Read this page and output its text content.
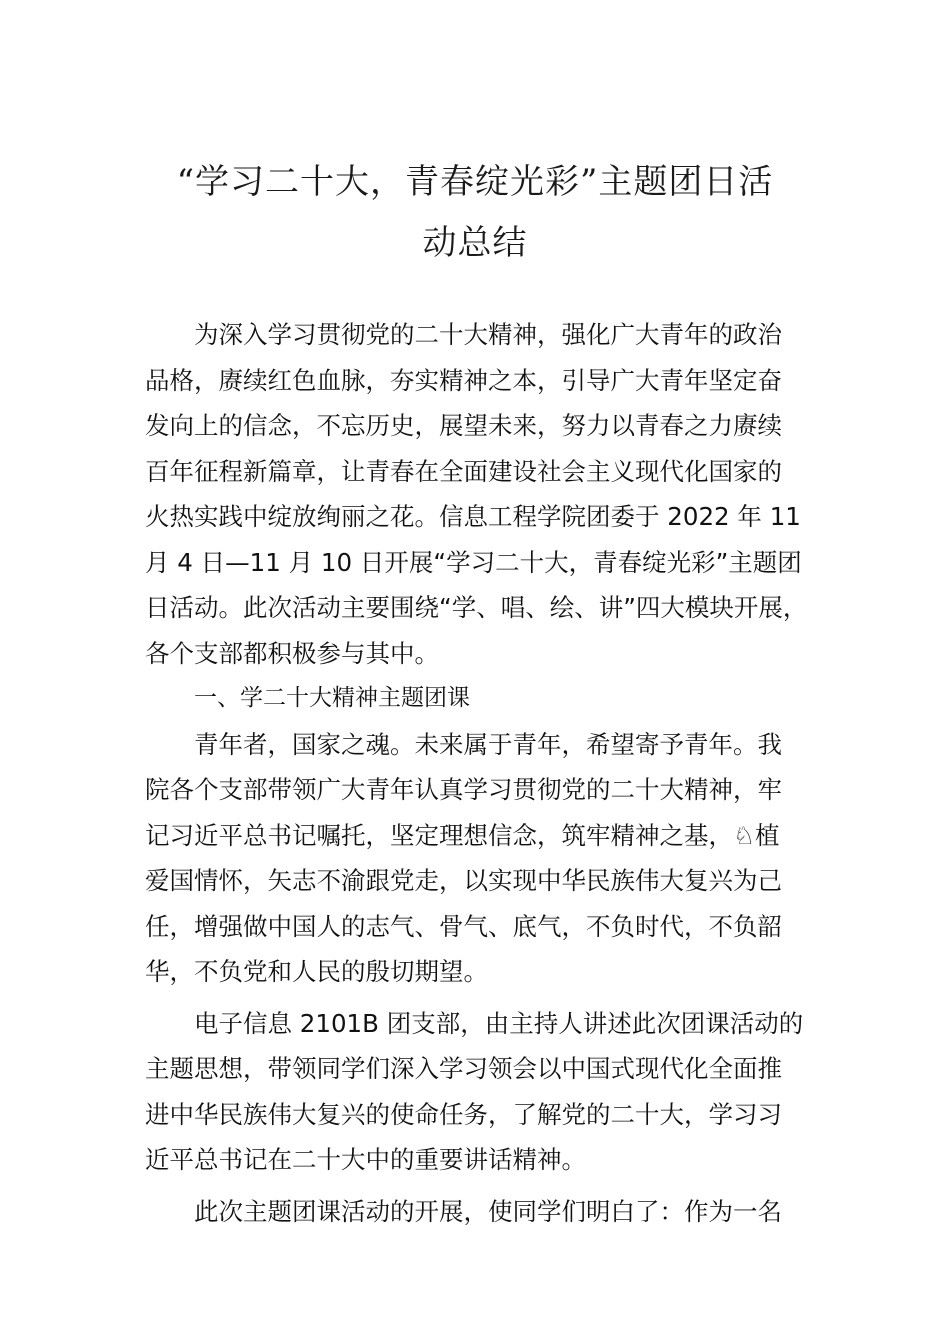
“学习二十大，青春绽光彩”主题团日活
动总结
为深入学习贯彻党的二十大精神，强化广大青年的政治
品格，赓续红色血脉，夯实精神之本，引导广大青年坚定奋
发向上的信念，不忘历史，展望未来，努力以青春之力赓续
百年征程新篇章，让青春在全面建设社会主义现代化国家的
火热实践中绽放绚丽之花。信息工程学院团委于 2022 年 11
月 4 日—11 月 10 日开展“学习二十大，青春绽光彩”主题团
日活动。此次活动主要围绕“学、唱、绘、讲”四大模块开展，
各个支部都积极参与其中。
一、学二十大精神主题团课
青年者，国家之魂。未来属于青年，希望寄予青年。我
院各个支部带领广大青年认真学习贯彻党的二十大精神，牢
记习近平总书记嘱托，坚定理想信念，筑牢精神之基，♘植
爱国情怀，矢志不渝跟党走，以实现中华民族伟大复兴为己
任，增强做中国人的志气、骨气、底气，不负时代，不负韶
华，不负党和人民的殷切期望。
电子信息 2101B 团支部，由主持人讲述此次团课活动的
主题思想，带领同学们深入学习领会以中国式现代化全面推
进中华民族伟大复兴的使命任务，了解党的二十大，学习习
近平总书记在二十大中的重要讲话精神。
此次主题团课活动的开展，使同学们明白了：作为一名
